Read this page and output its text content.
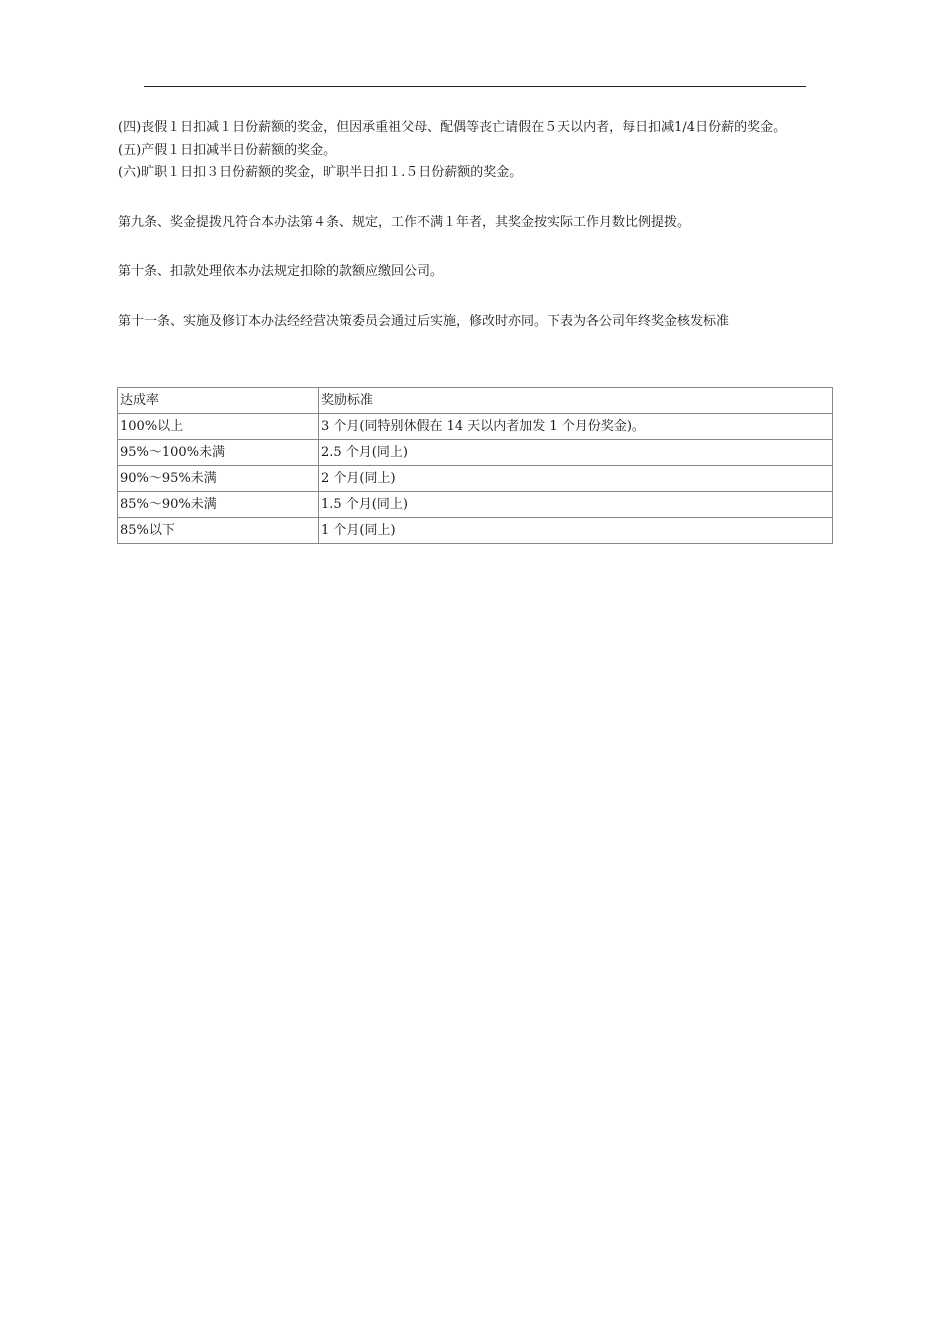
(四)丧假１日扣减１日份薪额的奖金，但因承重祖父母、配偶等丧亡请假在５天以内者，每日扣减1/4日份薪的奖金。

(五)产假１日扣减半日份薪额的奖金。

(六)旷职１日扣３日份薪额的奖金，旷职半日扣１.５日份薪额的奖金。

第九条、奖金提拨凡符合本办法第４条、规定，工作不满１年者，其奖金按实际工作月数比例提拨。

第十条、扣款处理依本办法规定扣除的款额应缴回公司。

第十一条、实施及修订本办法经经营决策委员会通过后实施，修改时亦同。下表为各公司年终奖金核发标准

达成率	奖励标准
100%以上	3 个月(同特别休假在 14 天以内者加发 1 个月份奖金)。
95%～100%未满	2.5 个月(同上)
90%～95%未满	2 个月(同上)
85%～90%未满	1.5 个月(同上)
85%以下	1 个月(同上)
